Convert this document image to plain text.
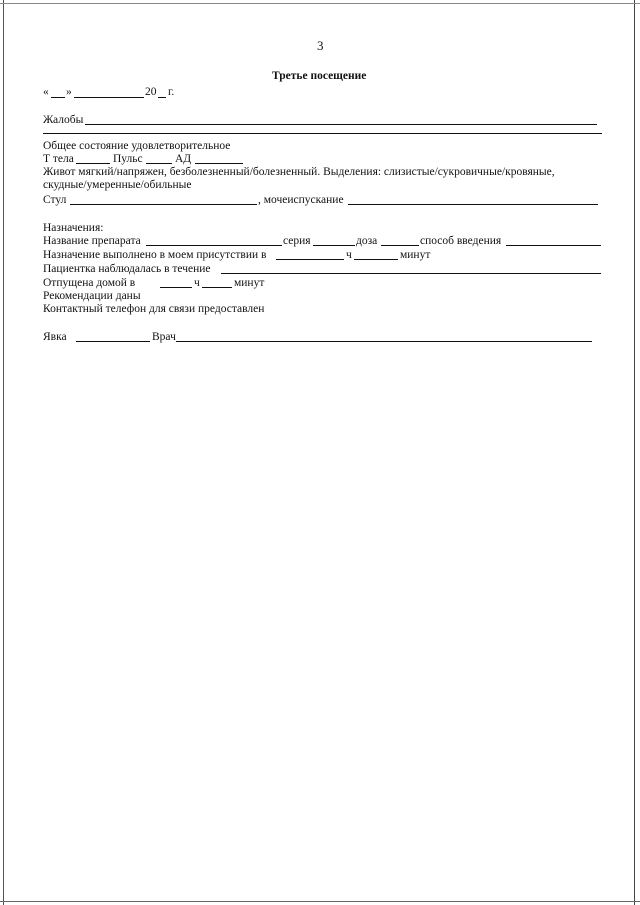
3
Третье посещение
« »	20 г.
Жалобы
Общее состояние удовлетворительное
Т тела	Пульс	АД
Живот мягкий/напряжен, безболезненный/болезненный. Выделения: слизистые/сукровичные/кровяные,
скудные/умеренные/обильные
Стул	, мочеиспускание
Назначения:
Название препарата	серия	доза	способ введения
Назначение выполнено в моем присутствии в	ч	минут
Пациентка наблюдалась в течение
Отпущена домой в	ч	минут
Рекомендации даны
Контактный телефон для связи предоставлен
Явка	Врач
